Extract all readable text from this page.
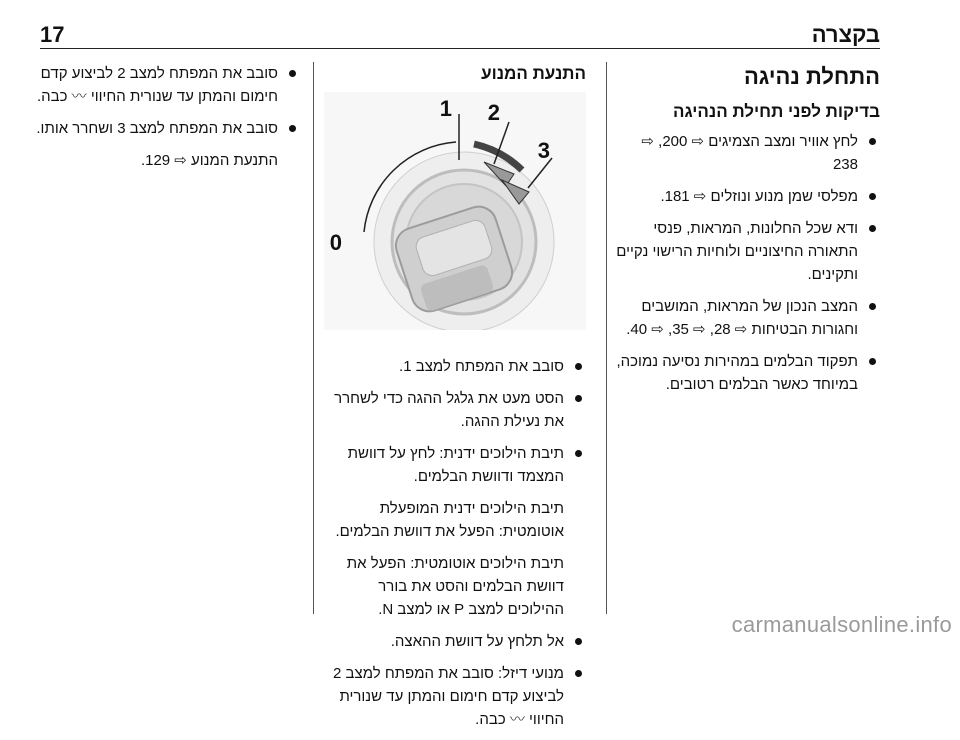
17	בקצרה
התחלת נהיגה
בדיקות לפני תחילת הנהיגה
לחץ אוויר ומצב הצמיגים ⇨ 200, ⇨ 238
מפלסי שמן מנוע ונוזלים ⇨ 181.
ודא שכל החלונות, המראות, פנסי התאורה החיצוניים ולוחיות הרישוי נקיים ותקינים.
המצב הנכון של המראות, המושבים וחגורות הבטיחות ⇨ 28, ⇨ 35, ⇨ 40.
תפקוד הבלמים במהירות נסיעה נמוכה, במיוחד כאשר הבלמים רטובים.
התנעת המנוע
0
1 2
3
סובב את המפתח למצב 1.
הסט מעט את גלגל ההגה כדי לשחרר את נעילת ההגה.
תיבת הילוכים ידנית: לחץ על דוושת המצמד ודוושת הבלמים.

תיבת הילוכים ידנית המופעלת אוטומטית: הפעל את דוושת הבלמים.

תיבת הילוכים אוטומטית: הפעל את דוושת הבלמים והסט את בורר ההילוכים למצב P או למצב N.

אל תלחץ על דוושת ההאצה.
מנועי דיזל: סובב את המפתח למצב 2 לביצוע קדם חימום והמתן עד שנורית החיווי 〰 כבה.
סובב את המפתח למצב 2 לביצוע קדם חימום והמתן עד שנורית החיווי 〰 כבה.
סובב את המפתח למצב 3 ושחרר אותו.

התנעת המנוע ⇨ 129.

carmanualsonline.info
